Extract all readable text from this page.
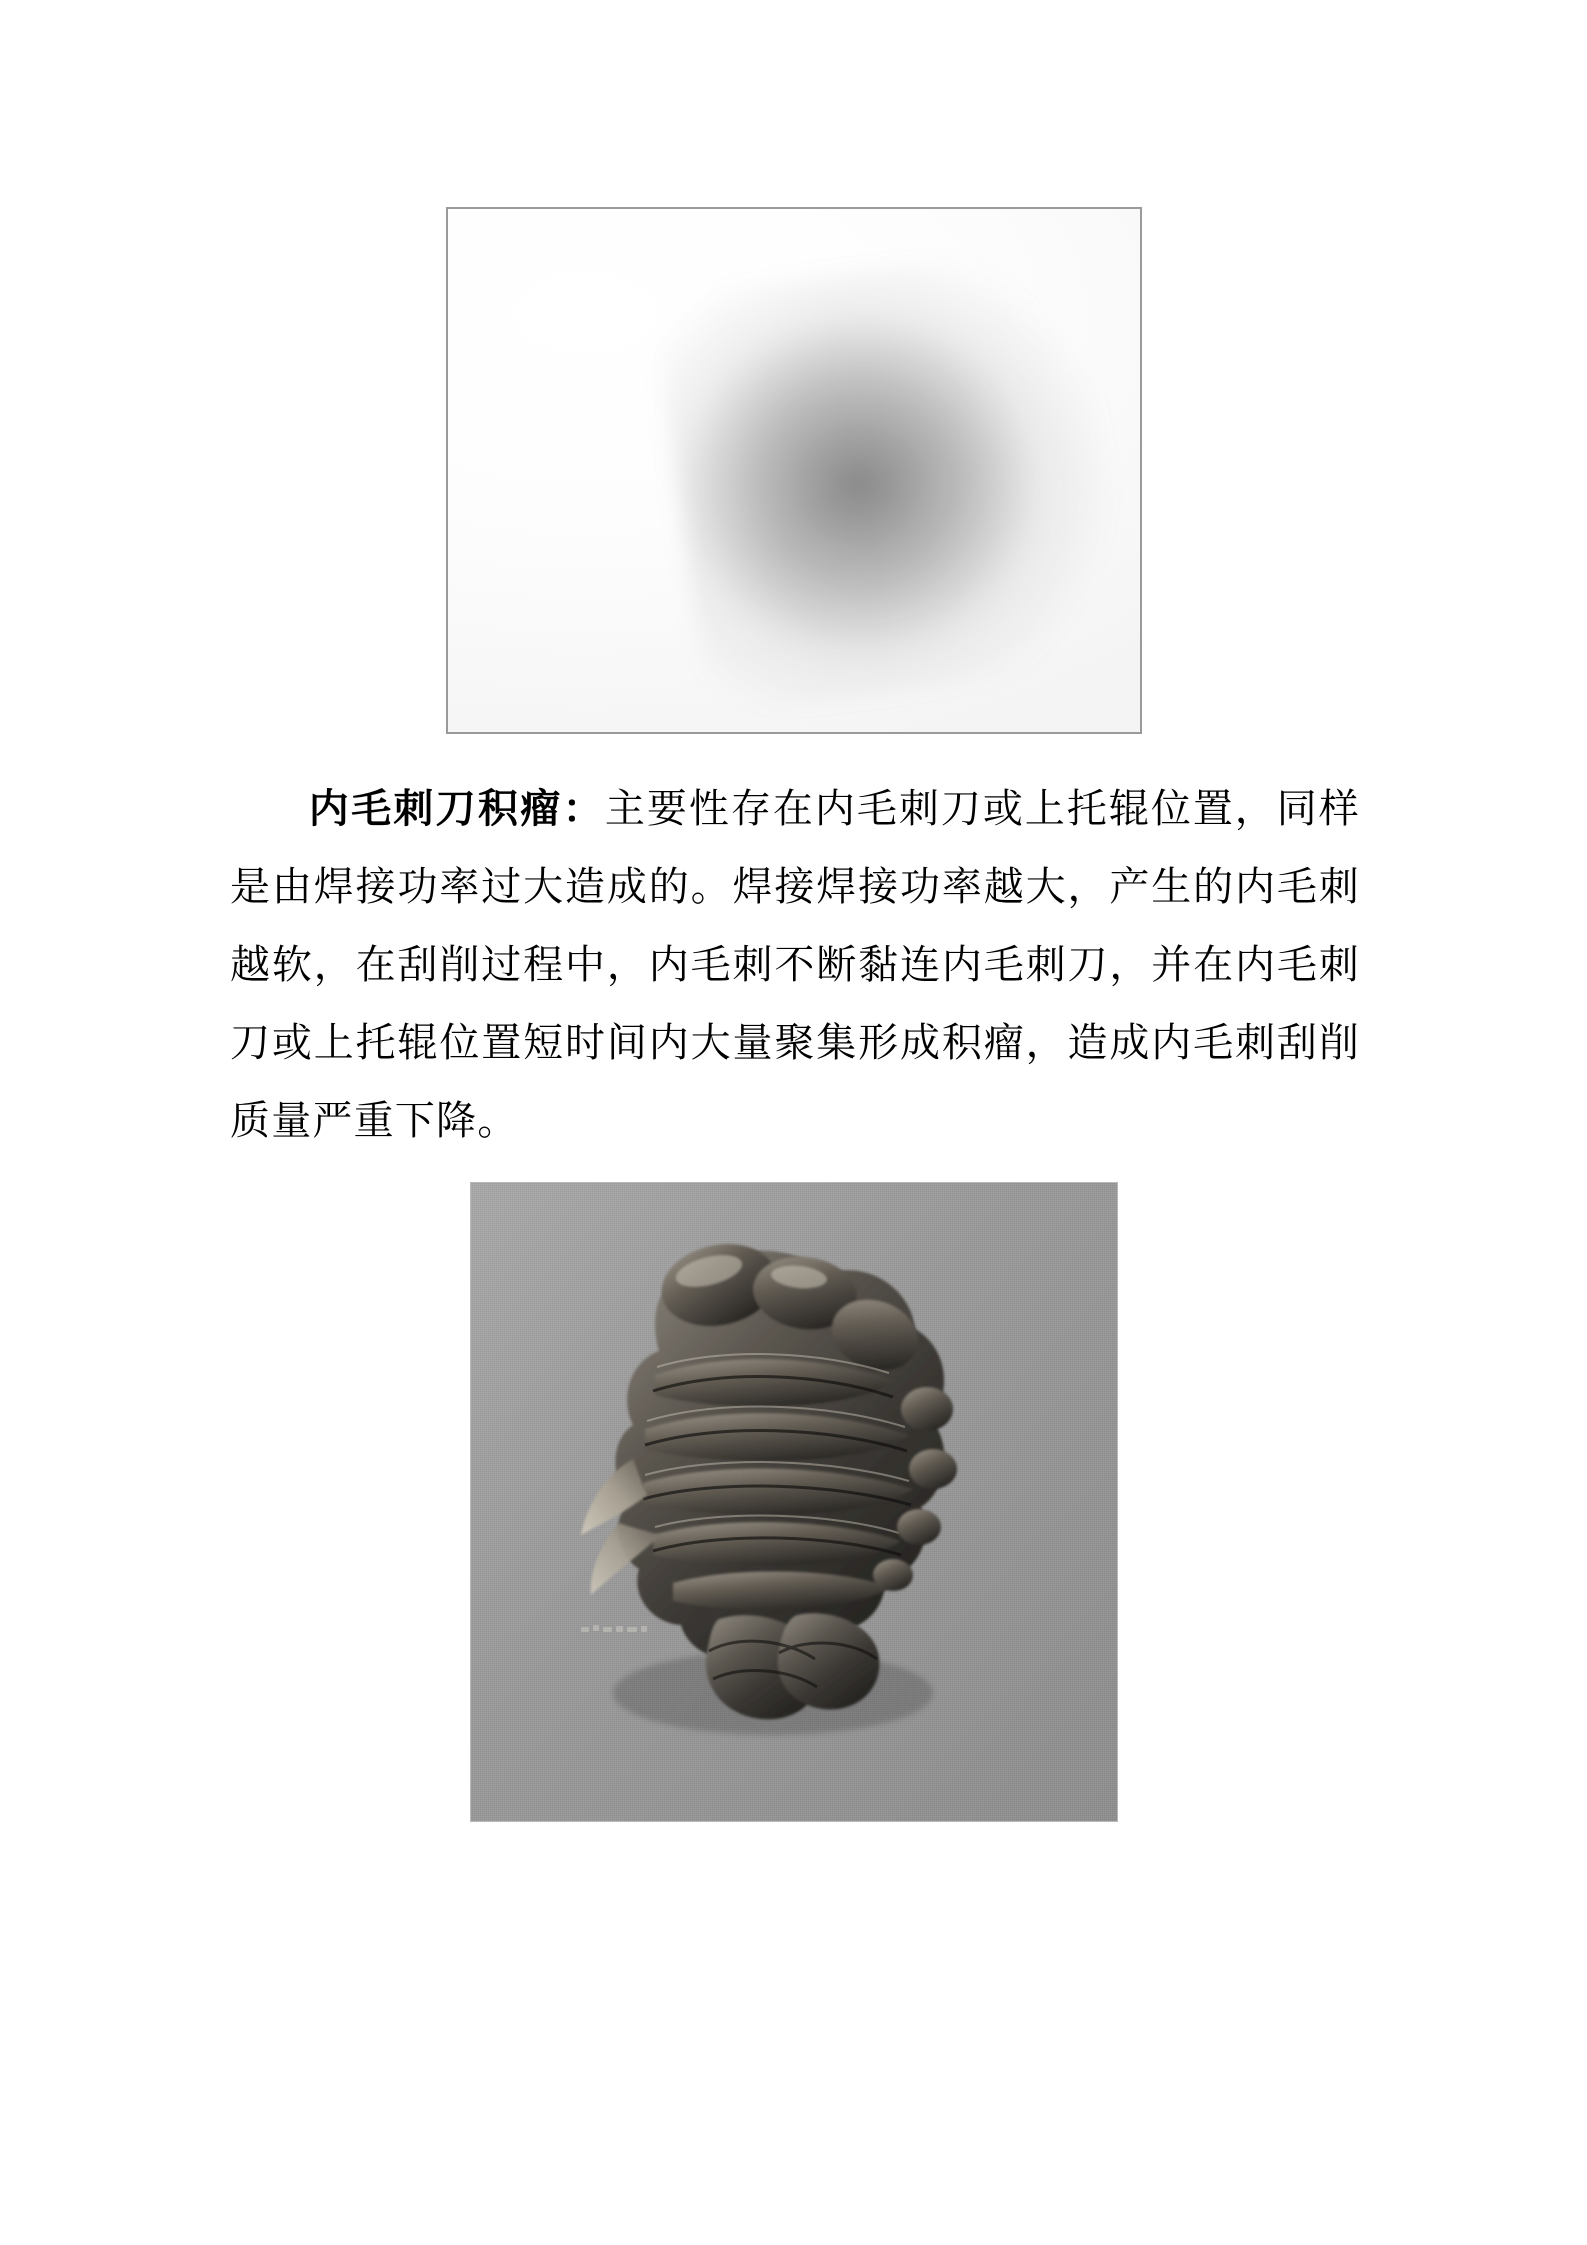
内毛刺刀积瘤：主要性存在内毛刺刀或上托辊位置，同样是由焊接功率过大造成的。焊接焊接功率越大，产生的内毛刺越软，在刮削过程中，内毛刺不断黏连内毛刺刀，并在内毛刺刀或上托辊位置短时间内大量聚集形成积瘤，造成内毛刺刮削质量严重下降。
